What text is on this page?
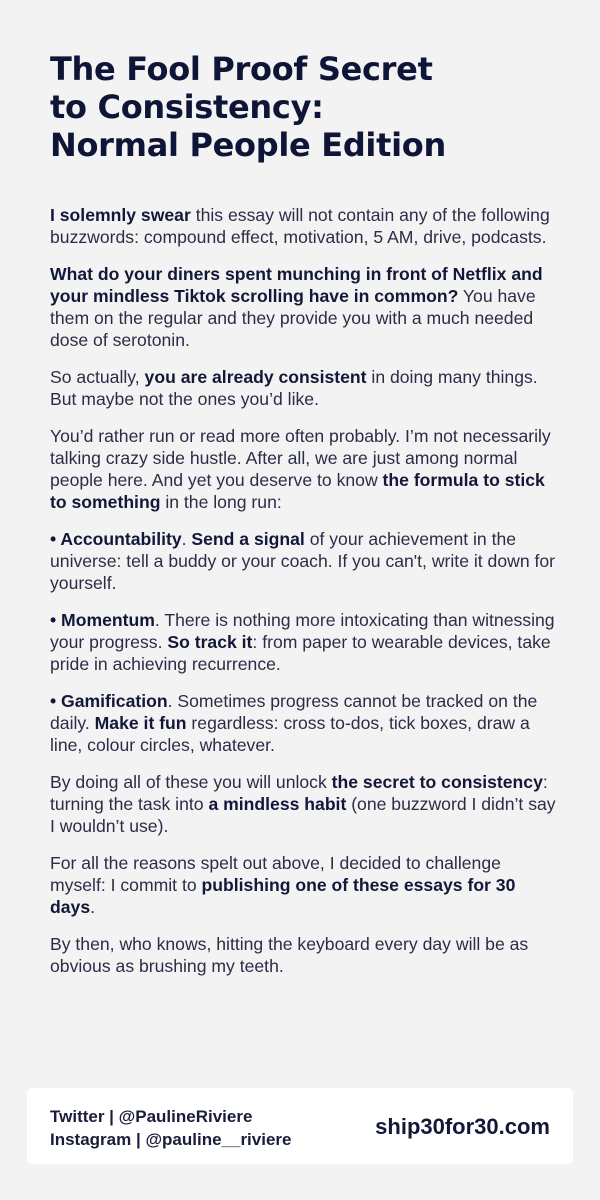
The Fool Proof Secret
to Consistency:
Normal People Edition

I solemnly swear this essay will not contain any of the following buzzwords: compound effect, motivation, 5 AM, drive, podcasts.

What do your diners spent munching in front of Netflix and your mindless Tiktok scrolling have in common? You have them on the regular and they provide you with a much needed dose of serotonin.

So actually, you are already consistent in doing many things. But maybe not the ones you’d like.

You’d rather run or read more often probably. I’m not necessarily talking crazy side hustle. After all, we are just among normal people here. And yet you deserve to know the formula to stick to something in the long run:

• Accountability. Send a signal of your achievement in the universe: tell a buddy or your coach. If you can't, write it down for yourself.

• Momentum. There is nothing more intoxicating than witnessing your progress. So track it: from paper to wearable devices, take pride in achieving recurrence.

• Gamification. Sometimes progress cannot be tracked on the daily. Make it fun regardless: cross to-dos, tick boxes, draw a line, colour circles, whatever.

By doing all of these you will unlock the secret to consistency: turning the task into a mindless habit (one buzzword I didn’t say I wouldn’t use).

For all the reasons spelt out above, I decided to challenge myself: I commit to publishing one of these essays for 30 days.

By then, who knows, hitting the keyboard every day will be as obvious as brushing my teeth.

Twitter | @PaulineRiviere
Instagram | @pauline__riviere
ship30for30.com
